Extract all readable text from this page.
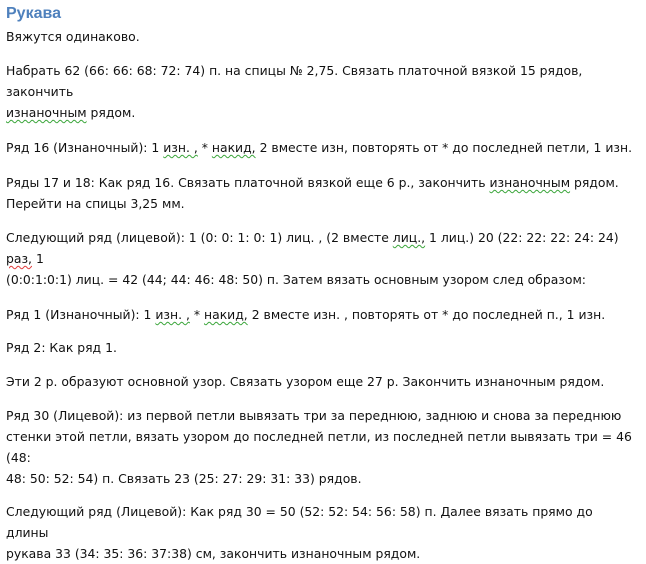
Рукава
Вяжутся одинаково.
Набрать 62 (66: 66: 68: 72: 74) п. на спицы № 2,75. Связать платочной вязкой 15 рядов, закончить
изнаночным рядом.
Ряд 16 (Изнаночный): 1 изн. , * накид, 2 вместе изн, повторять от * до последней петли, 1 изн.
Ряды 17 и 18: Как ряд 16. Связать платочной вязкой еще 6 р., закончить изнаночным рядом.
Перейти на спицы 3,25 мм.
Следующий ряд (лицевой): 1 (0: 0: 1: 0: 1) лиц. , (2 вместе лиц., 1 лиц.) 20 (22: 22: 22: 24: 24) раз, 1
(0:0:1:0:1) лиц. = 42 (44; 44: 46: 48: 50) п. Затем вязать основным узором след образом:
Ряд 1 (Изнаночный): 1 изн. , * накид, 2 вместе изн. , повторять от * до последней п., 1 изн.
Ряд 2: Как ряд 1.
Эти 2 р. образуют основной узор. Связать узором еще 27 р. Закончить изнаночным рядом.
Ряд 30 (Лицевой): из первой петли вывязать три за переднюю, заднюю и снова за переднюю
стенки этой петли, вязать узором до последней петли, из последней петли вывязать три = 46 (48:
48: 50: 52: 54) п. Связать 23 (25: 27: 29: 31: 33) рядов.
Следующий ряд (Лицевой): Как ряд 30 = 50 (52: 52: 54: 56: 58) п. Далее вязать прямо до длины
рукава 33 (34: 35: 36: 37:38) см, закончить изнаночным рядом.
